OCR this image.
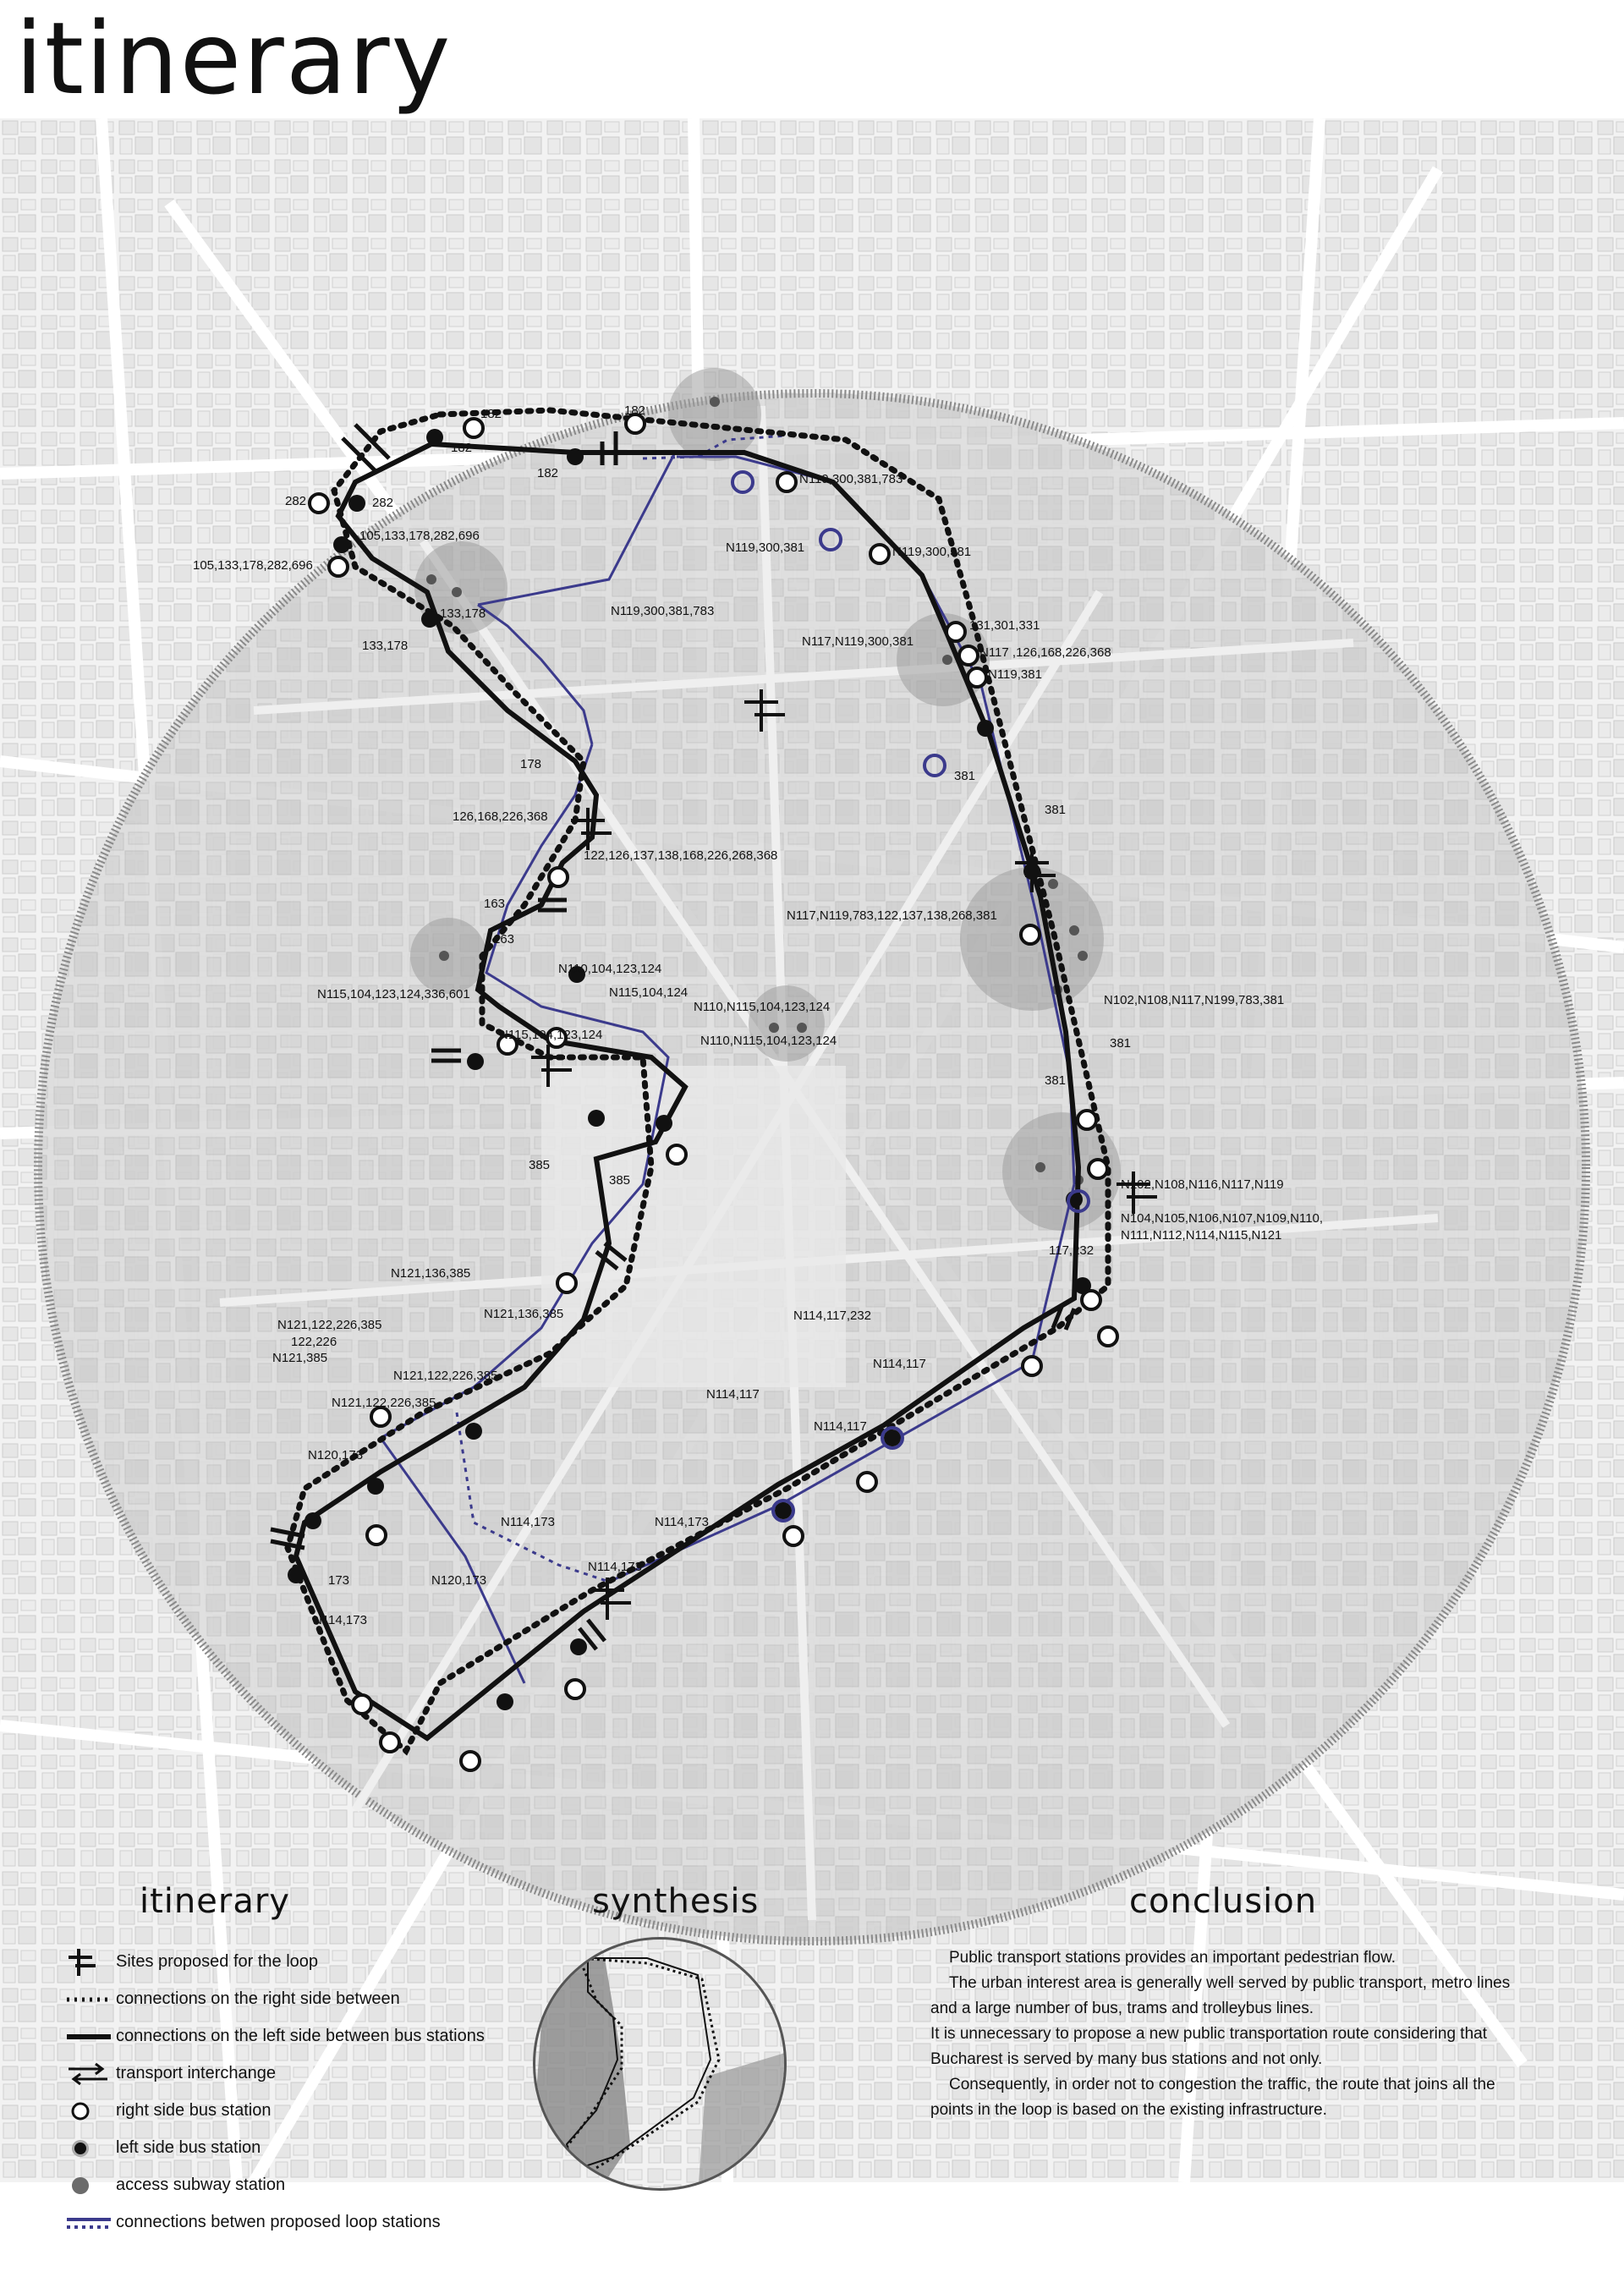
itinerary
182
182
182
182
282	282
105,133,178,282,696
105,133,178,282,696
133,178
133,178
N119,300,381,783
N119,300,381,783
N119,300,381	N119,300,381
131,301,331
N117,N119,300,381
N117 ,126,168,226,368
N119,381
178
126,168,226,368
122,126,137,138,168,226,268,368
381
381
163
163
N110,104,123,124
N115,104,123,124,336,601	N115,104,124
N110,N115,104,123,124
N115,104,123,124	N110,N115,104,123,124
N117,N119,783,122,137,138,268,381
N102,N108,N117,N199,783,381
381
381
385
385	N102,N108,N116,N117,N119
N104,N105,N106,N107,N109,N110,
N111,N112,N114,N115,N121
117,232
N121,136,385
N121,136,385	N114,117,232
N114,117
N114,117
N114,117
N121,122,226,385
122,226
N121,385
N121,122,226,385
N121,122,226,385
N120,173
N114,173
173
N114,173
N114,173
N120,173
N114,173
itinerary	synthesis	conclusion
Sites proposed for the loop
connections on the right side between
connections on the left side between bus stations
transport interchange
right side bus station
left side bus station
access subway station
connections betwen proposed loop stations

Public transport stations provides an important pedestrian flow.

The urban interest area is generally well served by public transport, metro lines and a large number of bus, trams and trolleybus lines.

It is unnecessary to propose a new public transportation route considering that Bucharest is served by many bus stations and not only.

Consequently, in order not to congestion the traffic, the route that joins all the points in the loop is based on the existing infrastructure.
